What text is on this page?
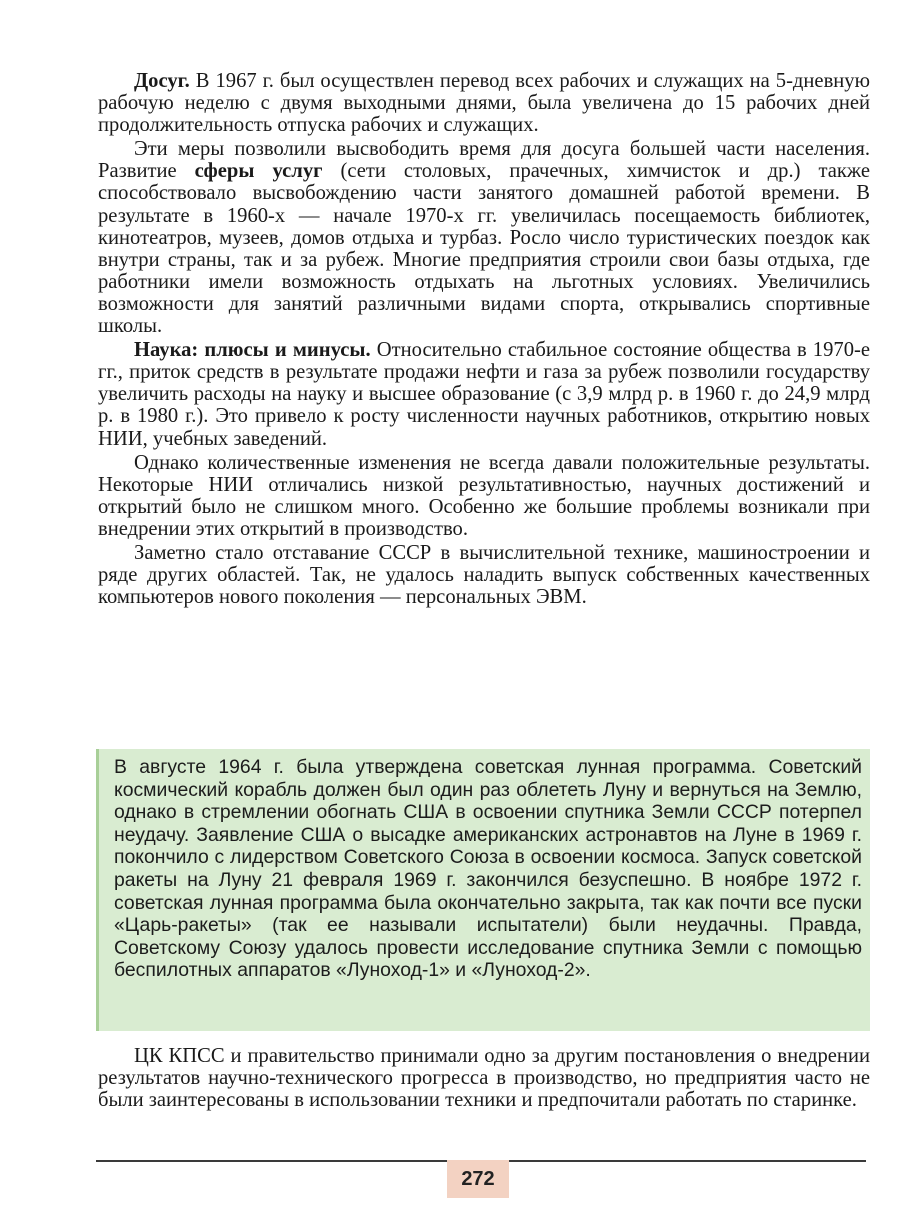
Досуг. В 1967 г. был осуществлен перевод всех рабочих и служащих на 5-дневную рабочую неделю с двумя выходными днями, была увеличена до 15 рабочих дней продолжительность отпуска рабочих и служащих.

Эти меры позволили высвободить время для досуга большей части населения. Развитие сферы услуг (сети столовых, прачечных, химчисток и др.) также способствовало высвобождению части занятого домашней работой времени. В результате в 1960-х — начале 1970-х гг. увеличилась посещаемость библиотек, кинотеатров, музеев, домов отдыха и турбаз. Росло число туристических поездок как внутри страны, так и за рубеж. Многие предприятия строили свои базы отдыха, где работники имели возможность отдыхать на льготных условиях. Увеличились возможности для занятий различными видами спорта, открывались спортивные школы.

Наука: плюсы и минусы. Относительно стабильное состояние общества в 1970-е гг., приток средств в результате продажи нефти и газа за рубеж позволили государству увеличить расходы на науку и высшее образование (с 3,9 млрд р. в 1960 г. до 24,9 млрд р. в 1980 г.). Это привело к росту численности научных работников, открытию новых НИИ, учебных заведений.

Однако количественные изменения не всегда давали положительные результаты. Некоторые НИИ отличались низкой результативностью, научных достижений и открытий было не слишком много. Особенно же большие проблемы возникали при внедрении этих открытий в производство.

Заметно стало отставание СССР в вычислительной технике, машиностроении и ряде других областей. Так, не удалось наладить выпуск собственных качественных компьютеров нового поколения — персональных ЭВМ.

В августе 1964 г. была утверждена советская лунная программа. Советский космический корабль должен был один раз облететь Луну и вернуться на Землю, однако в стремлении обогнать США в освоении спутника Земли СССР потерпел неудачу. Заявление США о высадке американских астронавтов на Луне в 1969 г. покончило с лидерством Советского Союза в освоении космоса. Запуск советской ракеты на Луну 21 февраля 1969 г. закончился безуспешно. В ноябре 1972 г. советская лунная программа была окончательно закрыта, так как почти все пуски «Царь-ракеты» (так ее называли испытатели) были неудачны. Правда, Советскому Союзу удалось провести исследование спутника Земли с помощью беспилотных аппаратов «Луноход-1» и «Луноход-2».

ЦК КПСС и правительство принимали одно за другим постановления о внедрении результатов научно-технического прогресса в производство, но предприятия часто не были заинтересованы в использовании техники и предпочитали работать по старинке.

272
